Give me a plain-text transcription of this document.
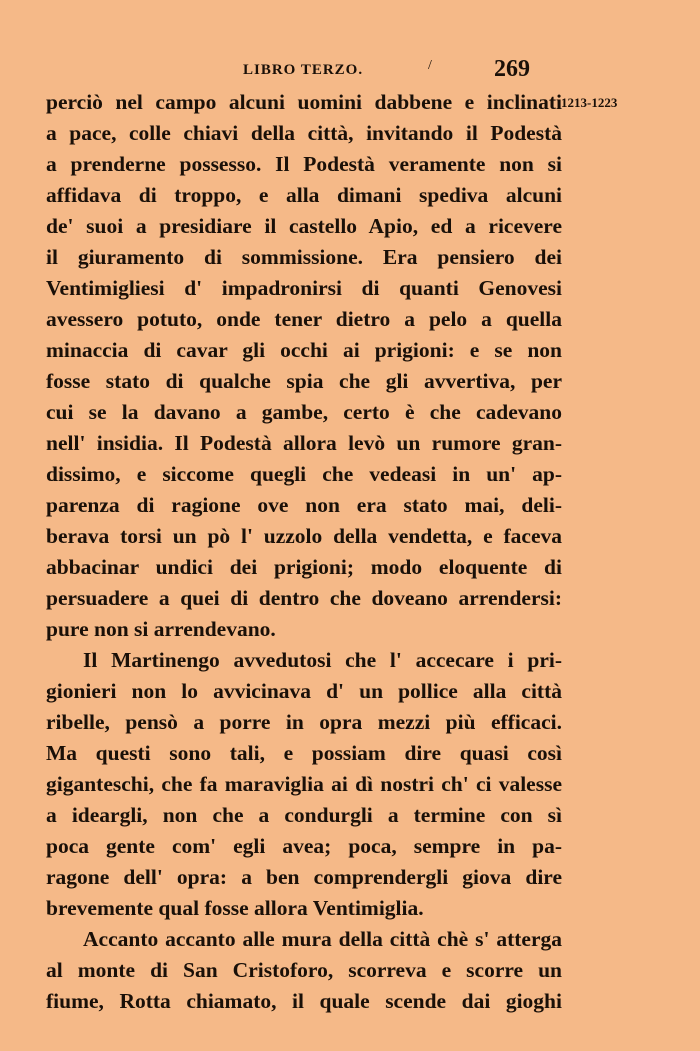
LIBRO TERZO.	/	269
1213-1223
perciò nel campo alcuni uomini dabbene e inclinati
a pace, colle chiavi della città, invitando il Podestà
a prenderne possesso. Il Podestà veramente non si
affidava di troppo, e alla dimani spediva alcuni
de' suoi a presidiare il castello Apio, ed a ricevere
il giuramento di sommissione. Era pensiero dei
Ventimigliesi d' impadronirsi di quanti Genovesi
avessero potuto, onde tener dietro a pelo a quella
minaccia di cavar gli occhi ai prigioni: e se non
fosse stato di qualche spia che gli avvertiva, per
cui se la davano a gambe, certo è che cadevano
nell' insidia. Il Podestà allora levò un rumore gran-
dissimo, e siccome quegli che vedeasi in un' ap-
parenza di ragione ove non era stato mai, deli-
berava torsi un pò l' uzzolo della vendetta, e faceva
abbacinar undici dei prigioni; modo eloquente di
persuadere a quei di dentro che doveano arrendersi:
pure non si arrendevano.
Il Martinengo avvedutosi che l' accecare i pri-
gionieri non lo avvicinava d' un pollice alla città
ribelle, pensò a porre in opra mezzi più efficaci.
Ma questi sono tali, e possiam dire quasi così
giganteschi, che fa maraviglia ai dì nostri ch' ci valesse
a ideargli, non che a condurgli a termine con sì
poca gente com' egli avea; poca, sempre in pa-
ragone dell' opra: a ben comprendergli giova dire
brevemente qual fosse allora Ventimiglia.
Accanto accanto alle mura della città chè s' atterga
al monte di San Cristoforo, scorreva e scorre un
fiume, Rotta chiamato, il quale scende dai gioghi
